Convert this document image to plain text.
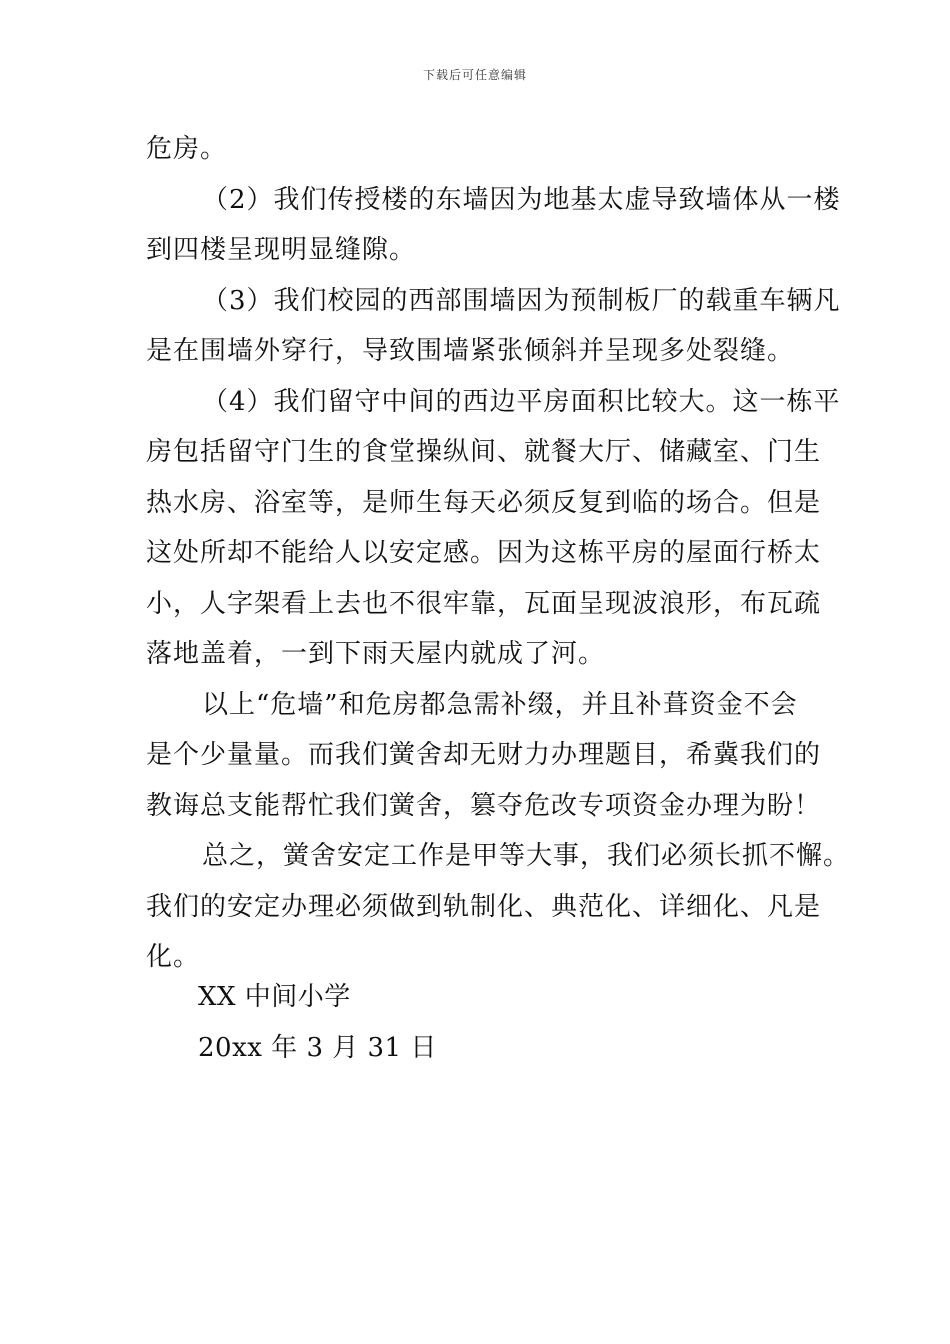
下载后可任意编辑
危房。
（2）我们传授楼的东墙因为地基太虚导致墙体从一楼
到四楼呈现明显缝隙。
（3）我们校园的西部围墙因为预制板厂的载重车辆凡
是在围墙外穿行，导致围墙紧张倾斜并呈现多处裂缝。
（4）我们留守中间的西边平房面积比较大。这一栋平
房包括留守门生的食堂操纵间、就餐大厅、储藏室、门生
热水房、浴室等，是师生每天必须反复到临的场合。但是
这处所却不能给人以安定感。因为这栋平房的屋面行桥太
小，人字架看上去也不很牢靠，瓦面呈现波浪形，布瓦疏
落地盖着，一到下雨天屋内就成了河。
以上“危墙”和危房都急需补缀，并且补葺资金不会
是个少量量。而我们黉舍却无财力办理题目，希冀我们的
教诲总支能帮忙我们黉舍，篡夺危改专项资金办理为盼！
总之，黉舍安定工作是甲等大事，我们必须长抓不懈。
我们的安定办理必须做到轨制化、典范化、详细化、凡是
化。
XX 中间小学
20xx 年 3 月 31 日
